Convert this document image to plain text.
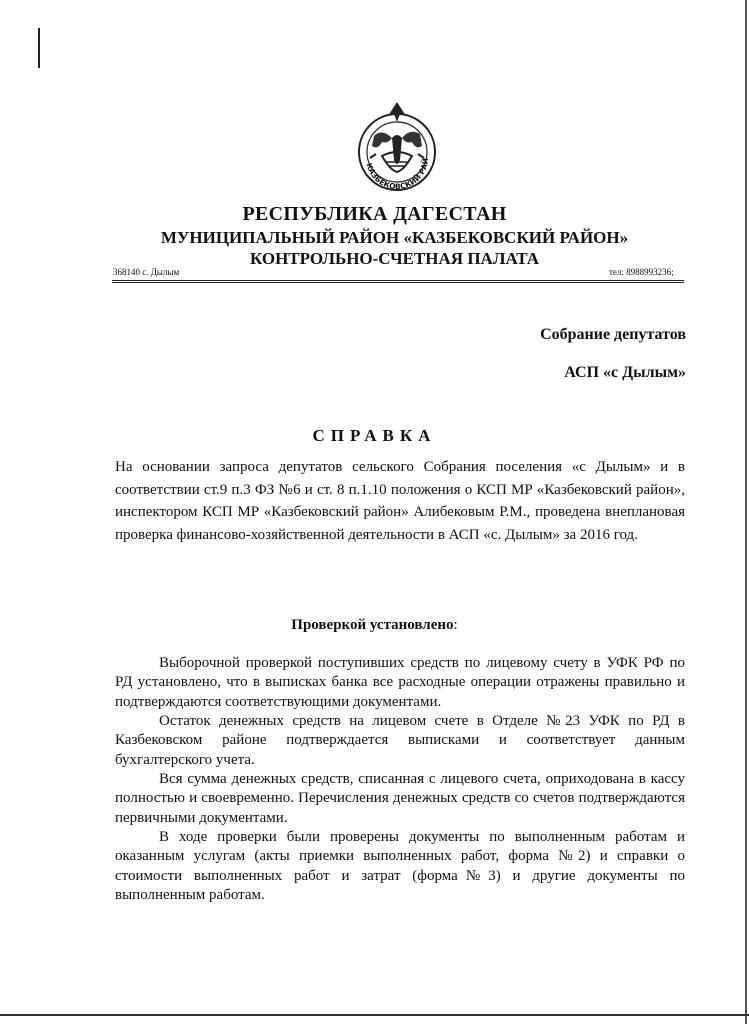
КАЗБЕКОВСКИЙ РАЙ
РЕСПУБЛИКА ДАГЕСТАН
МУНИЦИПАЛЬНЫЙ РАЙОН «КАЗБЕКОВСКИЙ РАЙОН»
КОНТРОЛЬНО-СЧЕТНАЯ ПАЛАТА
368140 с. Дылым	тел: 8988993236;
Собрание депутатов
АСП «с Дылым»
СПРАВКА
На основании запроса депутатов сельского Собрания поселения «с Дылым» и в соответствии ст.9 п.3 ФЗ №6 и ст. 8 п.1.10 положения о КСП МР «Казбековский район», инспектором КСП МР «Казбековский район» Алибековым Р.М., проведена внеплановая проверка финансово-хозяйственной деятельности в АСП «с. Дылым» за 2016 год.
Проверкой установлено:
Выборочной проверкой поступивших средств по лицевому счету в УФК РФ по РД установлено, что в выписках банка все расходные операции отражены правильно и подтверждаются соответствующими документами.
Остаток денежных средств на лицевом счете в Отделе №23 УФК по РД в Казбековском районе подтверждается выписками и соответствует данным бухгалтерского учета.
Вся сумма денежных средств, списанная с лицевого счета, оприходована в кассу полностью и своевременно. Перечисления денежных средств со счетов подтверждаются первичными документами.
В ходе проверки были проверены документы по выполненным работам и оказанным услугам (акты приемки выполненных работ, форма №2) и справки о стоимости выполненных работ и затрат (форма№3) и другие документы по выполненным работам.
